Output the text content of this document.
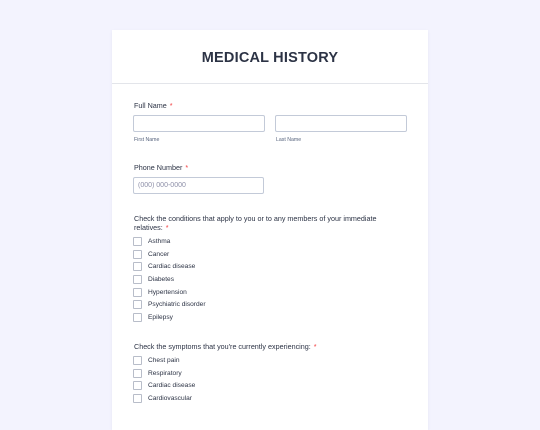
MEDICAL HISTORY
Full Name *
First Name	Last Name
Phone Number *
(000) 000-0000
Check the conditions that apply to you or to any members of your immediate
relatives: *
Asthma
Cancer
Cardiac disease
Diabetes
Hypertension
Psychiatric disorder
Epilepsy
Check the symptoms that you're currently experiencing: *
Chest pain
Respiratory
Cardiac disease
Cardiovascular
